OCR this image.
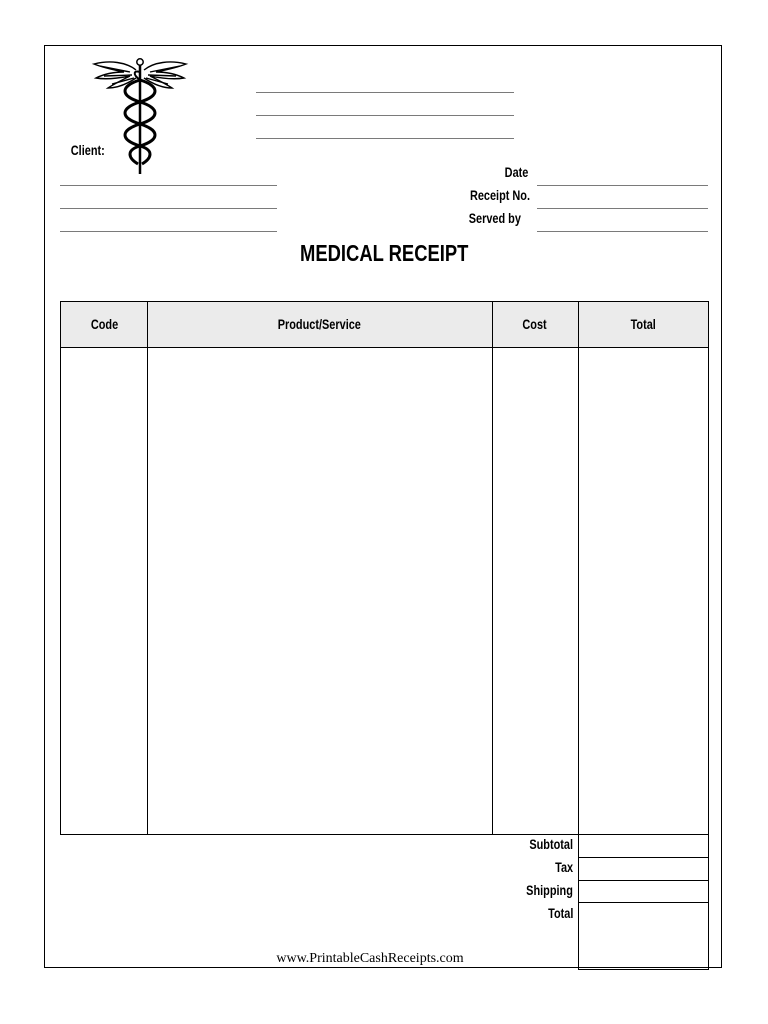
Client:
Date
Receipt No.
Served by
MEDICAL RECEIPT
Code	Product/Service	Cost	Total
Subtotal
Tax
Shipping
Total
www.PrintableCashReceipts.com
